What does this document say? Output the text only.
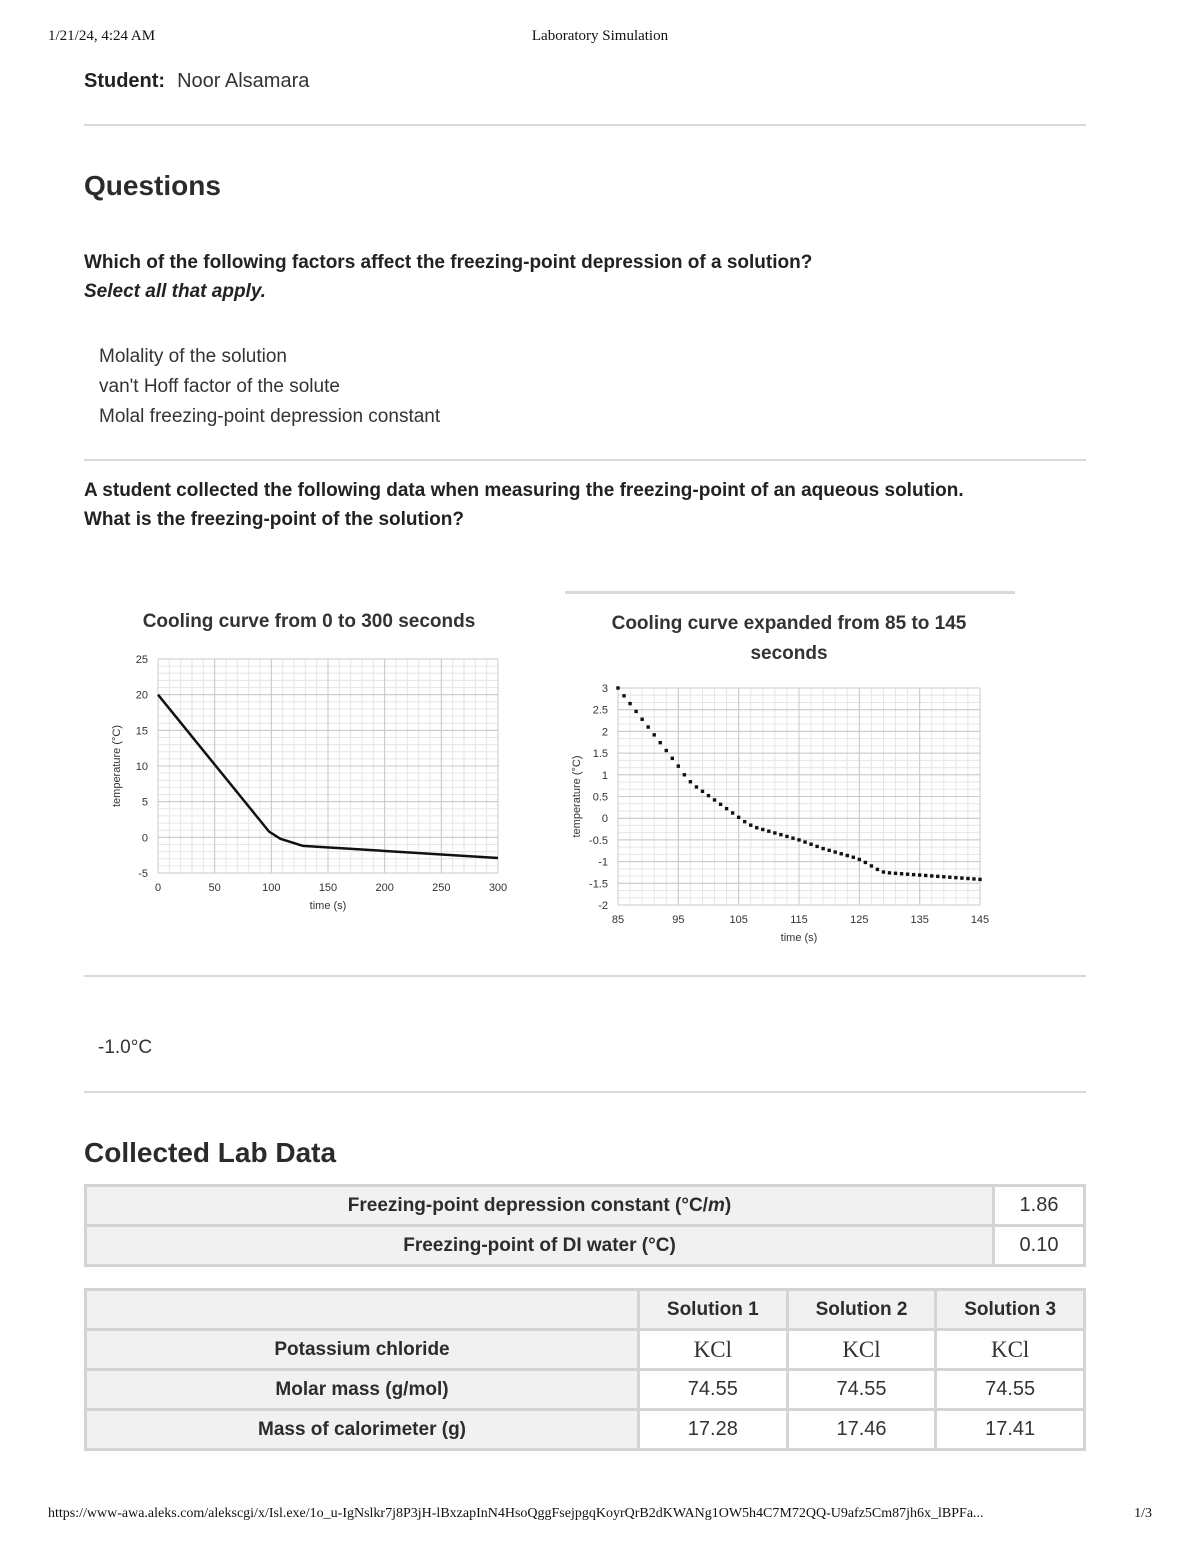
1/21/24, 4:24 AM	Laboratory Simulation
Student: Noor Alsamara
Questions
Which of the following factors affect the freezing-point depression of a solution?
Select all that apply.
Molality of the solution
van't Hoff factor of the solute
Molal freezing-point depression constant
A student collected the following data when measuring the freezing-point of an aqueous solution.
What is the freezing-point of the solution?
Cooling curve from 0 to 300 seconds	Cooling curve expanded from 85 to 145 seconds
0	50	100	150	200	250	300
25
20
15
10
5
0
-5
time (s)
temperature (°C)
85	95	105	115	125	135	145
3
2.5
2
1.5
1
0.5
0
-0.5
-1
-1.5
-2
time (s)
temperature (°C)
-1.0°C
Collected Lab Data
Freezing-point depression constant (°C/m)	1.86
Freezing-point of DI water (°C)	0.10
	Solution 1	Solution 2	Solution 3
Potassium chloride	KCl	KCl	KCl
Molar mass (g/mol)	74.55	74.55	74.55
Mass of calorimeter (g)	17.28	17.46	17.41
https://www-awa.aleks.com/alekscgi/x/Isl.exe/1o_u-IgNslkr7j8P3jH-lBxzapInN4HsoQggFsejpgqKoyrQrB2dKWANg1OW5h4C7M72QQ-U9afz5Cm87jh6x_lBPFa...	1/3
